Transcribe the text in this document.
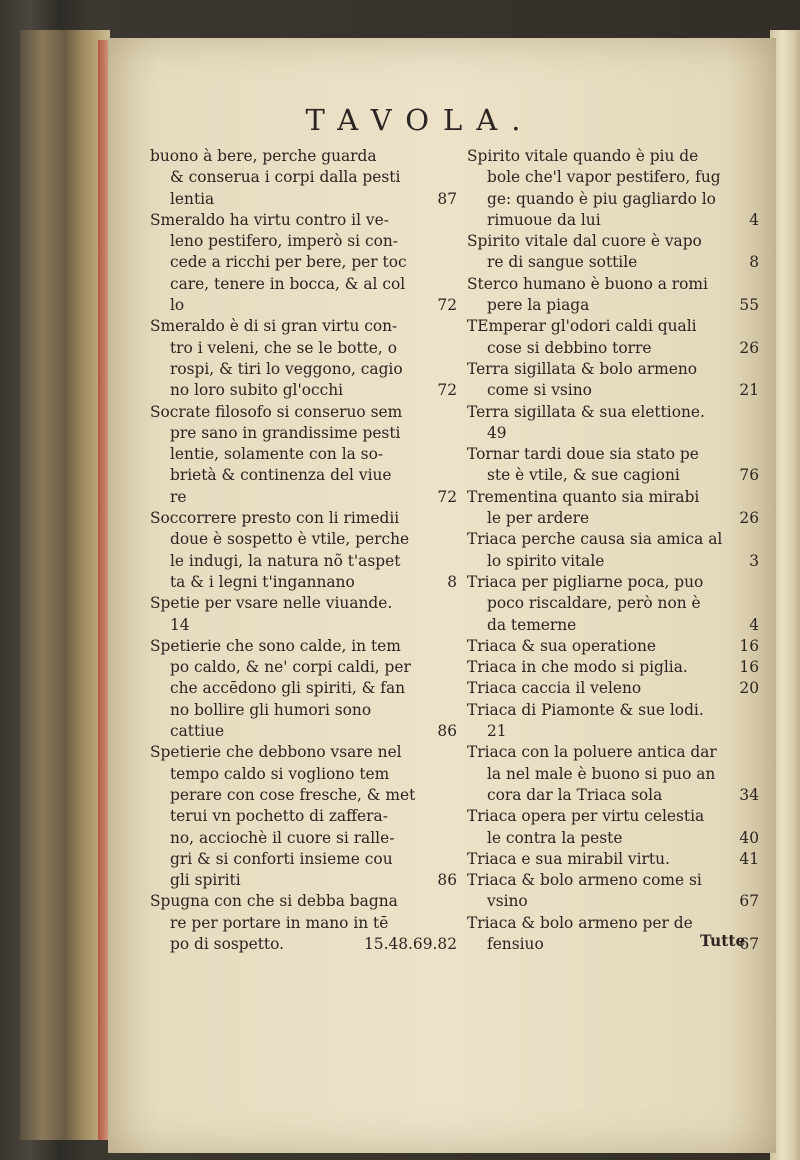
TAVOLA.
buono à bere, perche guarda
& conserua i corpi dalla pesti
87
lentia
Smeraldo ha virtu contro il ve-
leno pestifero, imperò si con-
cede a ricchi per bere, per toc
care, tenere in bocca, & al col
72
lo
Smeraldo è di si gran virtu con-
tro i veleni, che se le botte, o
rospi, & tiri lo veggono, cagio
72
no loro subito gl'occhi
Socrate filosofo si conseruo sem
pre sano in grandissime pesti
lentie, solamente con la so-
brietà & continenza del viue
72
re
Soccorrere presto con li rimedii
doue è sospetto è vtile, perche
le indugi, la natura nõ t'aspet
8
ta & i legni t'ingannano
Spetie per vsare nelle viuande.
14
Spetierie che sono calde, in tem
po caldo, & ne' corpi caldi, per
che accēdono gli spiriti, & fan
no bollire gli humori sono
86
cattiue
Spetierie che debbono vsare nel
tempo caldo si vogliono tem
perare con cose fresche, & met
terui vn pochetto di zaffera-
no, acciochè il cuore si ralle-
gri & si conforti insieme cou
86
gli spiriti
Spugna con che si debba bagna
re per portare in mano in tē
15.48.69.82
po di sospetto.
Spirito vitale quando è piu de
bole che'l vapor pestifero, fug
ge: quando è piu gagliardo lo
4
rimuoue da lui
Spirito vitale dal cuore è vapo
8
re di sangue sottile
Sterco humano è buono a romi
55
pere la piaga
TEmperar gl'odori caldi quali
26
cose si debbino torre
Terra sigillata & bolo armeno
21
come si vsino
Terra sigillata & sua elettione.
49
Tornar tardi doue sia stato pe
76
ste è vtile, & sue cagioni
Trementina quanto sia mirabi
26
le per ardere
Triaca perche causa sia amica al
3
lo spirito vitale
Triaca per pigliarne poca, puo
poco riscaldare, però non è
4
da temerne
16
Triaca & sua operatione
16
Triaca in che modo si piglia.
20
Triaca caccia il veleno
Triaca di Piamonte & sue lodi.
21
Triaca con la poluere antica dar
la nel male è buono si puo an
34
cora dar la Triaca sola
Triaca opera per virtu celestia
40
le contra la peste
41
Triaca e sua mirabil virtu.
Triaca & bolo armeno come si
67
vsino
Triaca & bolo armeno per de
67
fensiuo	Tutte
